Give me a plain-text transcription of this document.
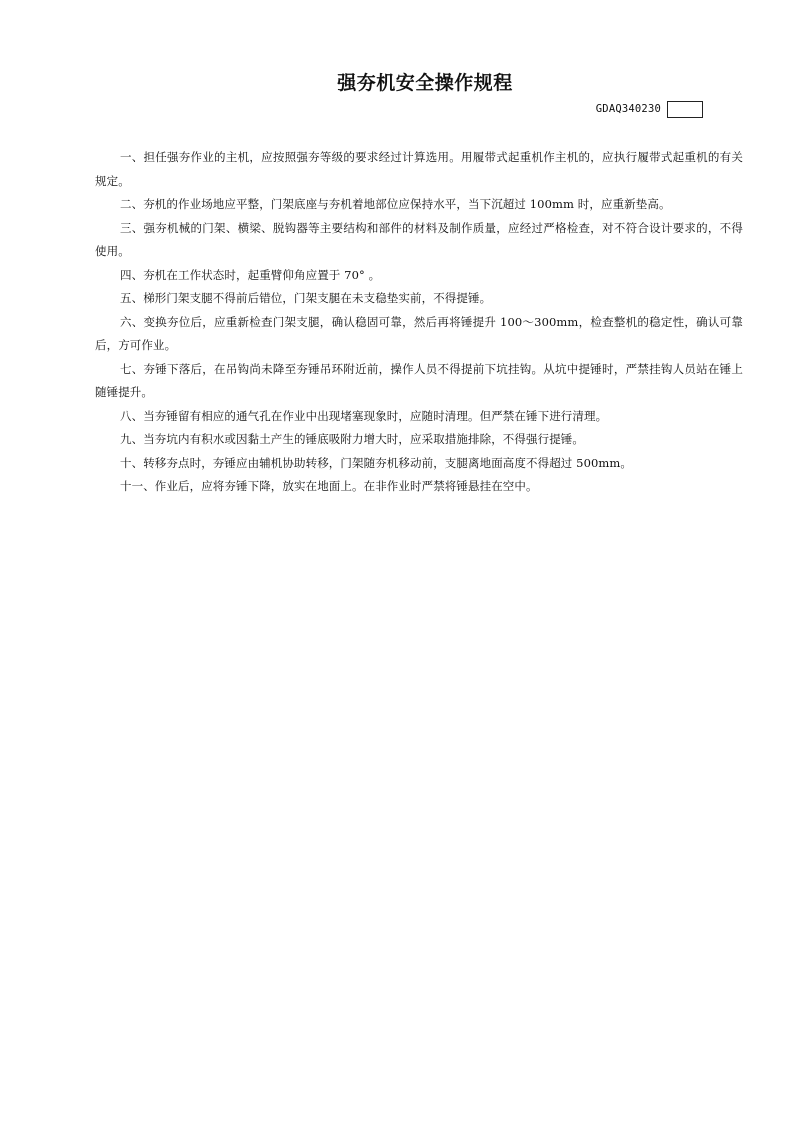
强夯机安全操作规程
GDAQ340230

一、担任强夯作业的主机，应按照强夯等级的要求经过计算选用。用履带式起重机作主机的，应执行履带式起重机的有关规定。

二、夯机的作业场地应平整，门架底座与夯机着地部位应保持水平，当下沉超过 100mm 时，应重新垫高。

三、强夯机械的门架、横梁、脱钩器等主要结构和部件的材料及制作质量，应经过严格检查，对不符合设计要求的，不得使用。

四、夯机在工作状态时，起重臂仰角应置于 70° 。

五、梯形门架支腿不得前后错位，门架支腿在未支稳垫实前，不得提锤。

六、变换夯位后，应重新检查门架支腿，确认稳固可靠，然后再将锤提升 100～300mm，检查整机的稳定性，确认可靠后，方可作业。

七、夯锤下落后，在吊钩尚未降至夯锤吊环附近前，操作人员不得提前下坑挂钩。从坑中提锤时，严禁挂钩人员站在锤上随锤提升。

八、当夯锤留有相应的通气孔在作业中出现堵塞现象时，应随时清理。但严禁在锤下进行清理。

九、当夯坑内有积水或因黏土产生的锤底吸附力增大时，应采取措施排除，不得强行提锤。

十、转移夯点时，夯锤应由辅机协助转移，门架随夯机移动前，支腿离地面高度不得超过 500mm。

十一、作业后，应将夯锤下降，放实在地面上。在非作业时严禁将锤悬挂在空中。
